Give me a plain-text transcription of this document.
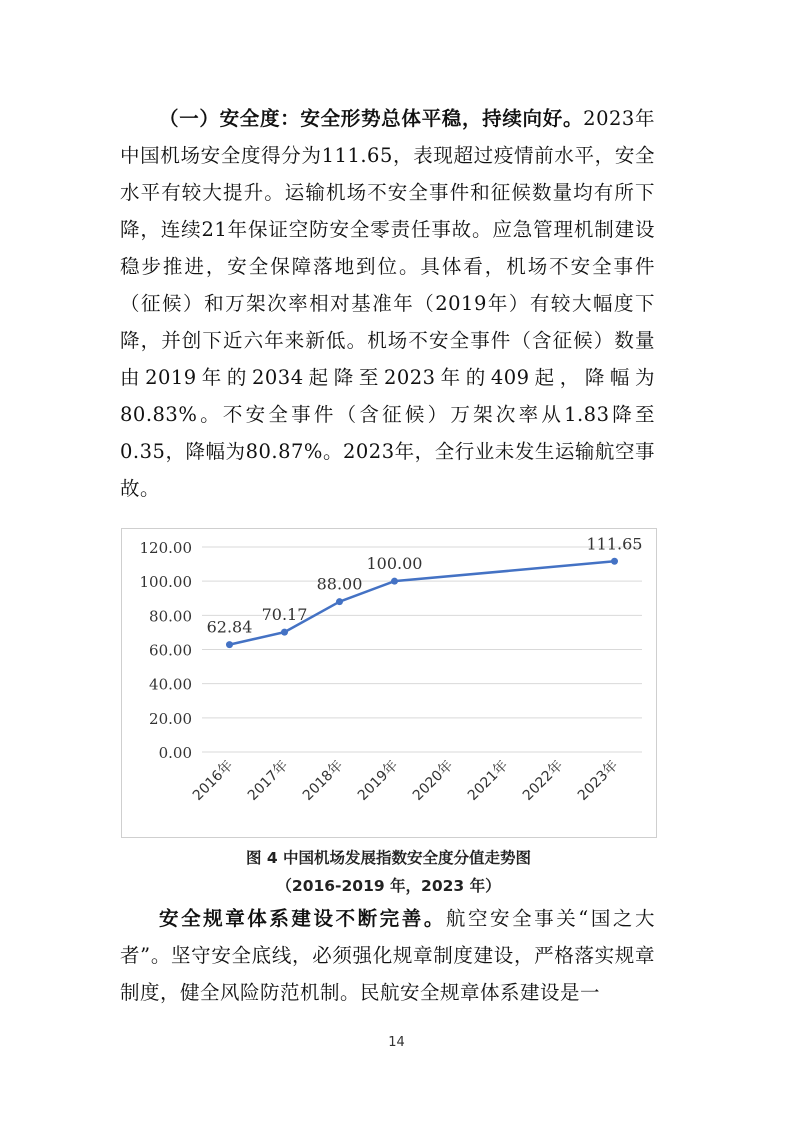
（一）安全度：安全形势总体平稳，持续向好。2023年中国机场安全度得分为111.65，表现超过疫情前水平，安全水平有较大提升。运输机场不安全事件和征候数量均有所下降，连续21年保证空防安全零责任事故。应急管理机制建设稳步推进，安全保障落地到位。具体看，机场不安全事件（征候）和万架次率相对基准年（2019年）有较大幅度下降，并创下近六年来新低。机场不安全事件（含征候）数量由2019年的2034起降至2023年的409起，降幅为80.83%。不安全事件（含征候）万架次率从1.83降至0.35，降幅为80.87%。2023年，全行业未发生运输航空事故。

0.00
20.00
40.00
60.00
80.00
100.00
120.00
2016年 2017年 2018年 2019年 2020年 2021年 2022年 2023年
62.84
70.17
88.00
100.00
111.65
图 4 中国机场发展指数安全度分值走势图
（2016-2019 年，2023 年）

安全规章体系建设不断完善。航空安全事关“国之大者”。坚守安全底线，必须强化规章制度建设，严格落实规章制度，健全风险防范机制。民航安全规章体系建设是一

14
